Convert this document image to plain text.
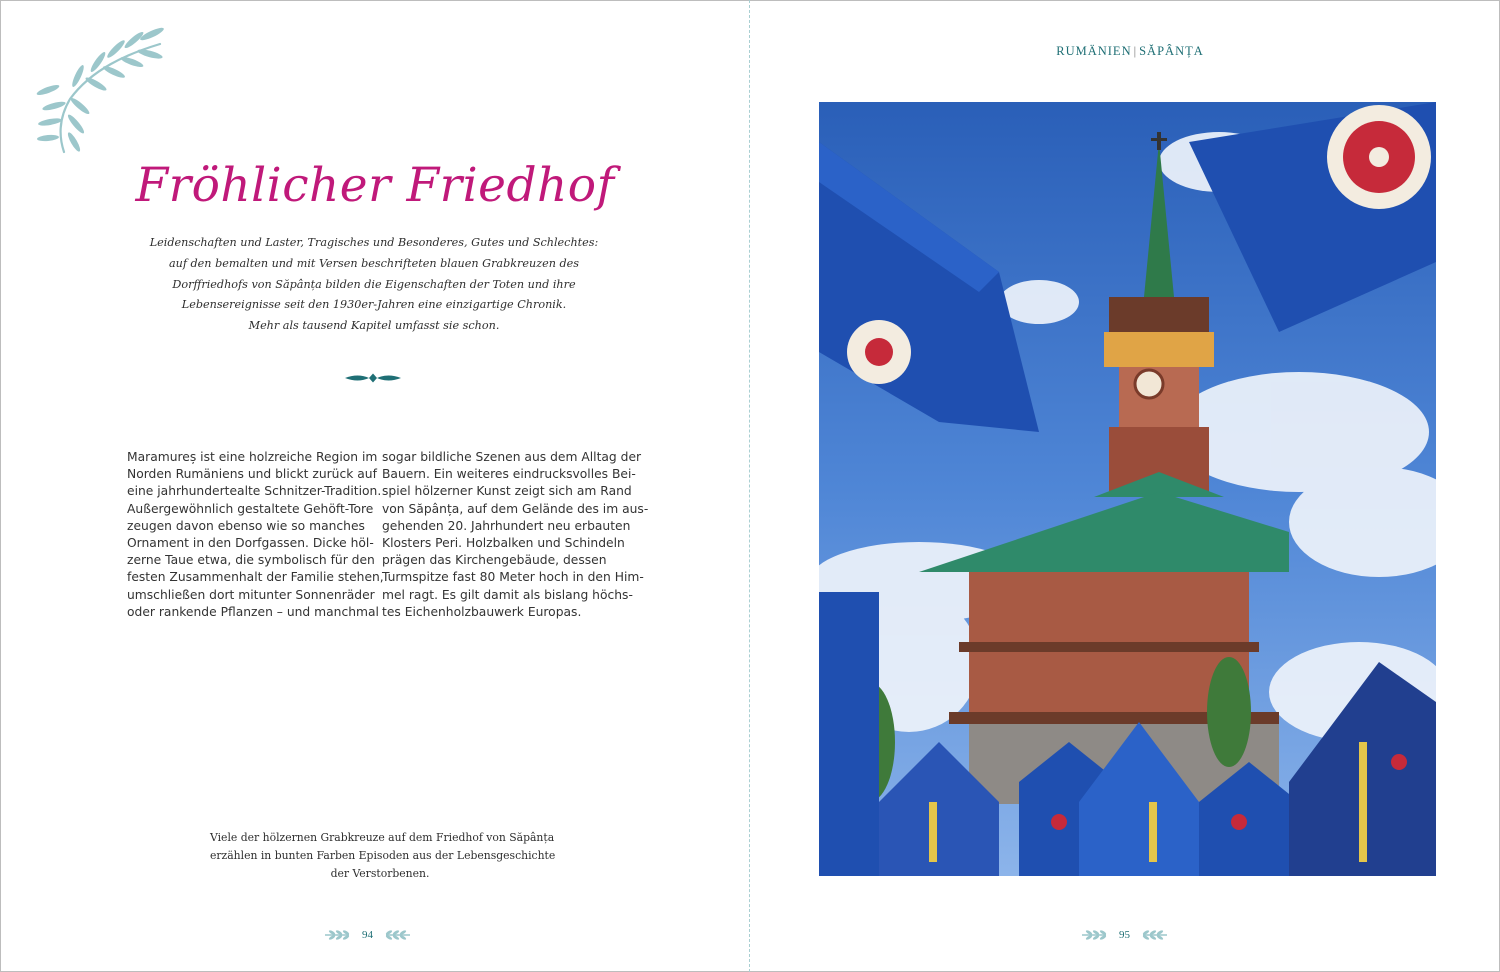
Fröhlicher Friedhof
Leidenschaften und Laster, Tragisches und Besonderes, Gutes und Schlechtes:
auf den bemalten und mit Versen beschrifteten blauen Grabkreuzen des
Dorffriedhofs von Săpânța bilden die Eigenschaften der Toten und ihre
Lebensereignisse seit den 1930er-Jahren eine einzigartige Chronik.
Mehr als tausend Kapitel umfasst sie schon.
Maramureș ist eine holzreiche Region im
Norden Rumäniens und blickt zurück auf
eine jahrhundertealte Schnitzer-Tradition.
Außergewöhnlich gestaltete Gehöft-Tore
zeugen davon ebenso wie so manches
Ornament in den Dorfgassen. Dicke höl-
zerne Taue etwa, die symbolisch für den
festen Zusammenhalt der Familie stehen,
umschließen dort mitunter Sonnenräder
oder rankende Pflanzen – und manchmal
sogar bildliche Szenen aus dem Alltag der
Bauern. Ein weiteres eindrucksvolles Bei-
spiel hölzerner Kunst zeigt sich am Rand
von Săpânța, auf dem Gelände des im aus-
gehenden 20. Jahrhundert neu erbauten
Klosters Peri. Holzbalken und Schindeln
prägen das Kirchengebäude, dessen
Turmspitze fast 80 Meter hoch in den Him-
mel ragt. Es gilt damit als bislang höchs-
tes Eichenholzbauwerk Europas.
Viele der hölzernen Grabkreuze auf dem Friedhof von Săpânța
erzählen in bunten Farben Episoden aus der Lebensgeschichte
der Verstorbenen.
94
RUMÄNIEN | SĂPÂNȚA
95
